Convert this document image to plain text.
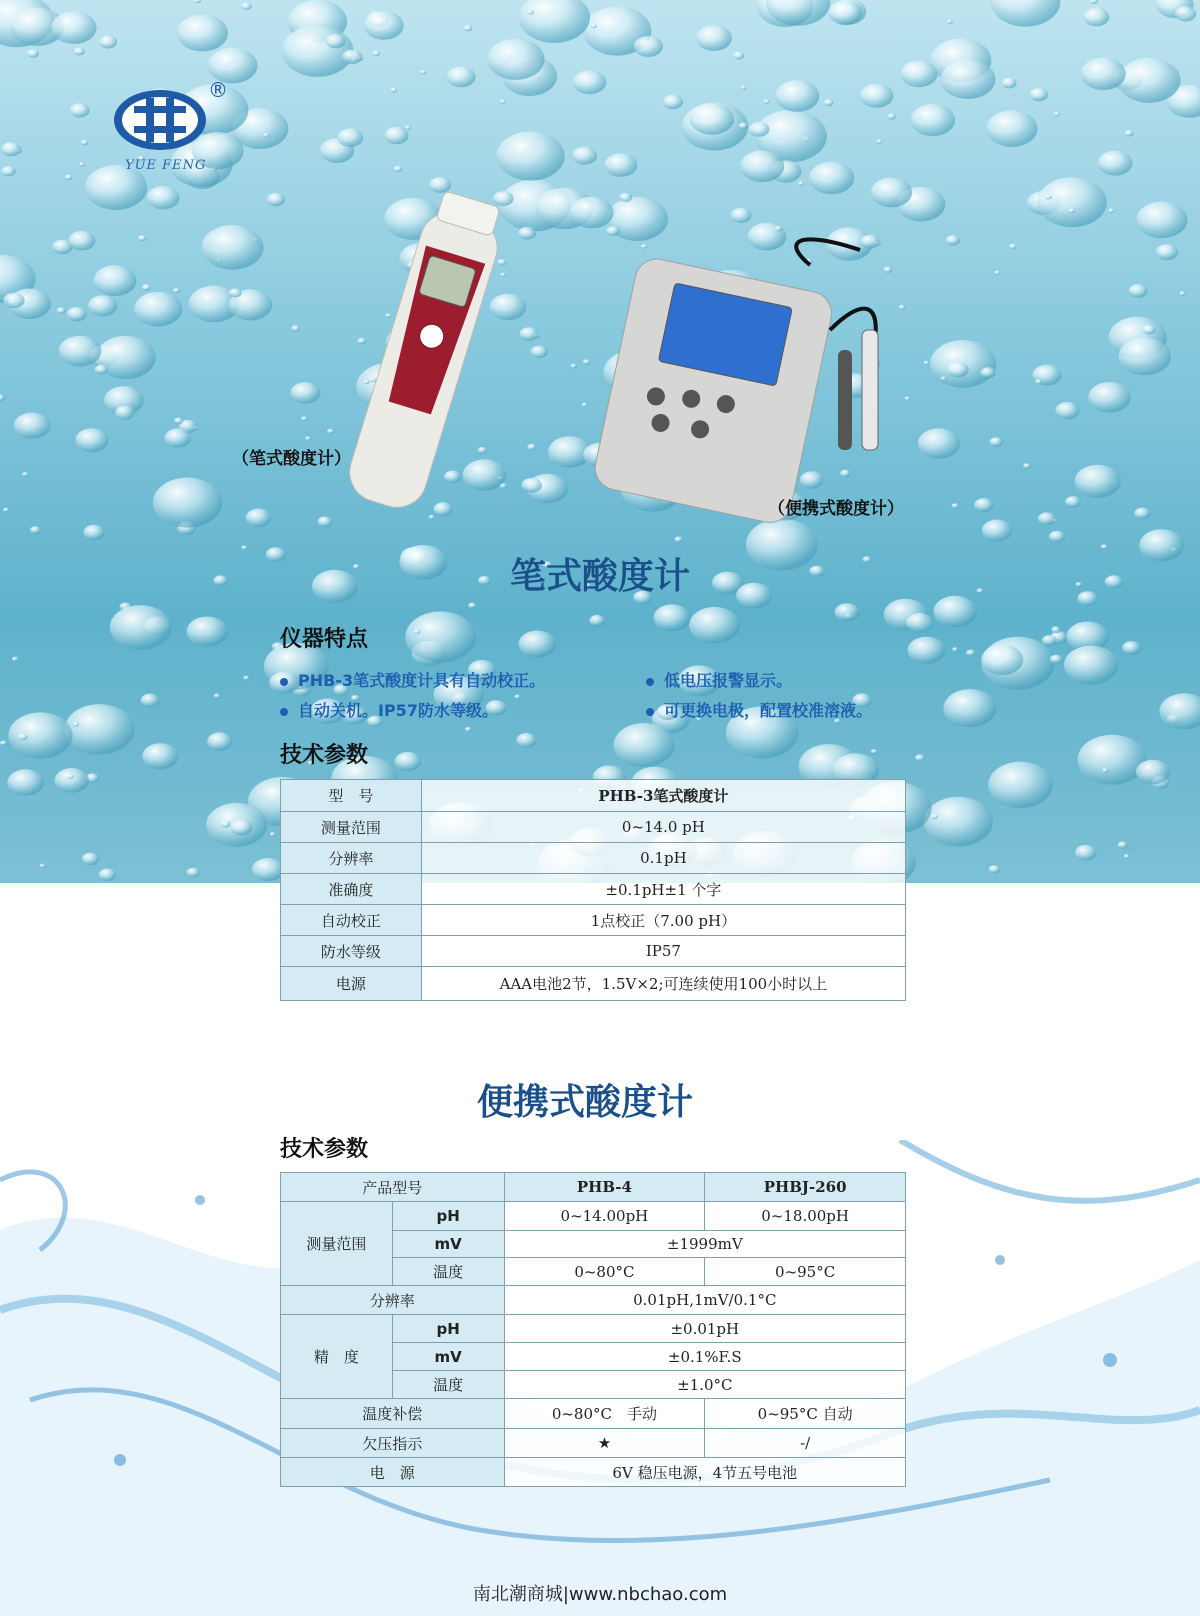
®
YUE FENG
（笔式酸度计）
（便携式酸度计）
笔式酸度计
仪器特点
PHB-3笔式酸度计具有自动校正。	低电压报警显示。
自动关机。IP57防水等级。	可更换电极，配置校准溶液。
技术参数
型　号	PHB-3笔式酸度计
测量范围	0~14.0 pH
分辨率	0.1pH
准确度	±0.1pH±1 个字
自动校正	1点校正（7.00 pH）
防水等级	IP57
电源	AAA电池2节，1.5V×2;可连续使用100小时以上
便携式酸度计
技术参数
产品型号		PHB-4	PHBJ-260
测量范围	pH	0~14.00pH	0~18.00pH
	mV	±1999mV	
	温度	0~80°C	0~95°C
分辨率		0.01pH,1mV/0.1°C	
精　度	pH	±0.01pH	
	mV	±0.1%F.S	
	温度	±1.0°C	
温度补偿		0~80°C　手动	0~95°C 自动
欠压指示		★	-/
电　源		6V 稳压电源，4节五号电池	
南北潮商城|www.nbchao.com
